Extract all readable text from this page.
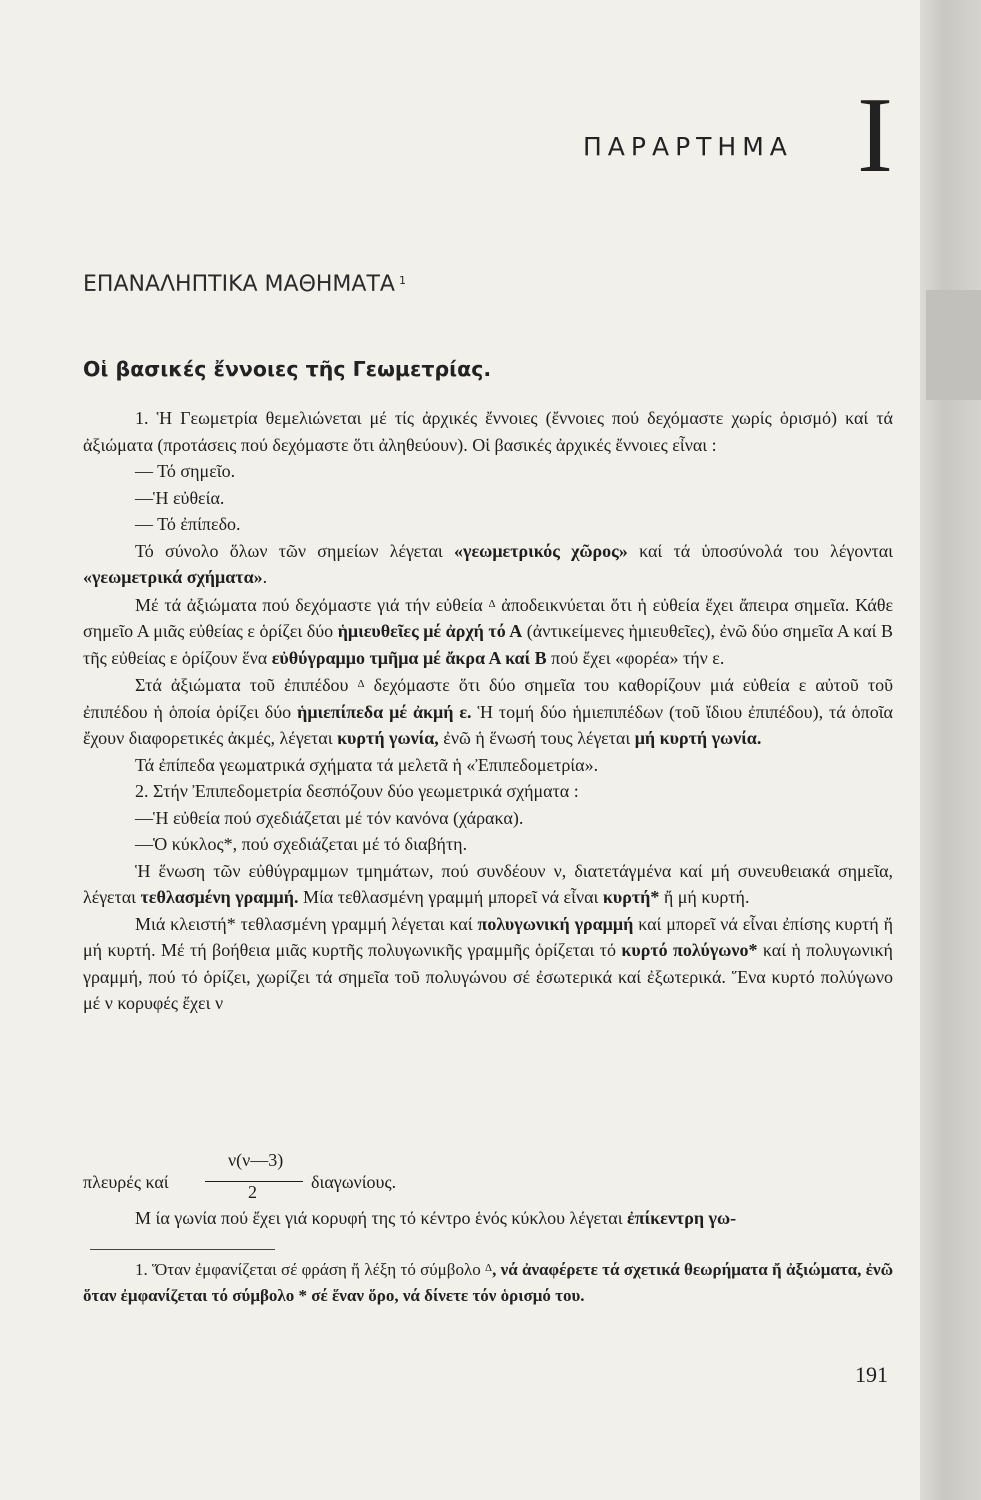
ΠΑΡΑΡΤΗΜΑ I
ΕΠΑΝΑΛΗΠΤΙΚΑ ΜΑΘΗΜΑΤΑ $^1$
Οἱ βασικές ἔννοιες τῆς Γεωμετρίας.

1. Ἡ Γεωμετρία θεμελιώνεται μέ τίς ἀρχικές ἔννοιες (ἔννοιες πού δεχόμαστε χωρίς ὁρισμό) καί τά ἀξιώματα (προτάσεις πού δεχόμαστε ὅτι ἀληθεύουν). Οἱ βασικές ἀρχικές ἔννοιες εἶναι :

— Τό σημεῖο.

—Ἡ εὐθεία.

— Τό ἐπίπεδο.

Τό σύνολο ὅλων τῶν σημείων λέγεται «γεωμετρικός χῶρος» καί τά ὑποσύνολά του λέγονται «γεωμετρικά σχήματα».

Μέ τά ἀξιώματα πού δεχόμαστε γιά τήν εὐθεία $^\Delta$ ἀποδεικνύεται ὅτι ἡ εὐθεία ἔχει ἄπειρα σημεῖα. Κάθε σημεῖο Α μιᾶς εὐθείας ε ὁρίζει δύο ἡμιευθεῖες μέ ἀρχή τό Α (ἀντικείμενες ἡμιευθεῖες), ἐνῶ δύο σημεῖα Α καί Β τῆς εὐθείας ε ὁρίζουν ἕνα εὐθύγραμμο τμῆμα μέ ἄκρα Α καί Β πού ἔχει «φορέα» τήν ε.

Στά ἀξιώματα τοῦ ἐπιπέδου $^\Delta$ δεχόμαστε ὅτι δύο σημεῖα του καθορίζουν μιά εὐθεία ε αὐτοῦ τοῦ ἐπιπέδου ἡ ὁποία ὁρίζει δύο ἡμιεπίπεδα μέ ἀκμή ε. Ἡ τομή δύο ἡμιεπιπέδων (τοῦ ἴδιου ἐπιπέδου), τά ὁποῖα ἔχουν διαφορετικές ἀκμές, λέγεται κυρτή γωνία, ἐνῶ ἡ ἕνωσή τους λέγεται μή κυρτή γωνία.

Τά ἐπίπεδα γεωματρικά σχήματα τά μελετᾶ ἡ «Ἐπιπεδομετρία».

2. Στήν Ἐπιπεδομετρία δεσπόζουν δύο γεωμετρικά σχήματα :

—Ἡ εὐθεία πού σχεδιάζεται μέ τόν κανόνα (χάρακα).

—Ὁ κύκλος*, πού σχεδιάζεται μέ τό διαβήτη.

Ἡ ἕνωση τῶν εὐθύγραμμων τμημάτων, πού συνδέουν ν, διατετάγμένα καί μή συνευθειακά σημεῖα, λέγεται τεθλασμένη γραμμή. Μία τεθλασμένη γραμμή μπορεῖ νά εἶναι κυρτή* ἤ μή κυρτή.

Μιά κλειστή* τεθλασμένη γραμμή λέγεται καί πολυγωνική γραμμή καί μπορεῖ νά εἶναι ἐπίσης κυρτή ἤ μή κυρτή. Μέ τή βοήθεια μιᾶς κυρτῆς πολυγωνικῆς γραμμῆς ὁρίζεται τό κυρτό πολύγωνο* καί ἡ πολυγωνική γραμμή, πού τό ὁρίζει, χωρίζει τά σημεῖα τοῦ πολυγώνου σέ ἐσωτερικά καί ἐξωτερικά. Ἕνα κυρτό πολύγωνο μέ ν κορυφές ἔχει ν

πλευρές καί
ν(ν—3)
2	διαγωνίους.
Μ ία γωνία πού ἔχει γιά κορυφή της τό κέντρο ἑνός κύκλου λέγεται ἐπίκεντρη γω-

1. Ὅταν ἐμφανίζεται σέ φράση ἤ λέξη τό σύμβολο $^\Delta$, νά ἀναφέρετε τά σχετικά θεωρήματα ἤ ἀξιώματα, ἐνῶ ὅταν ἐμφανίζεται τό σύμβολο * σέ ἕναν ὅρο, νά δίνετε τόν ὁρισμό του.

191
